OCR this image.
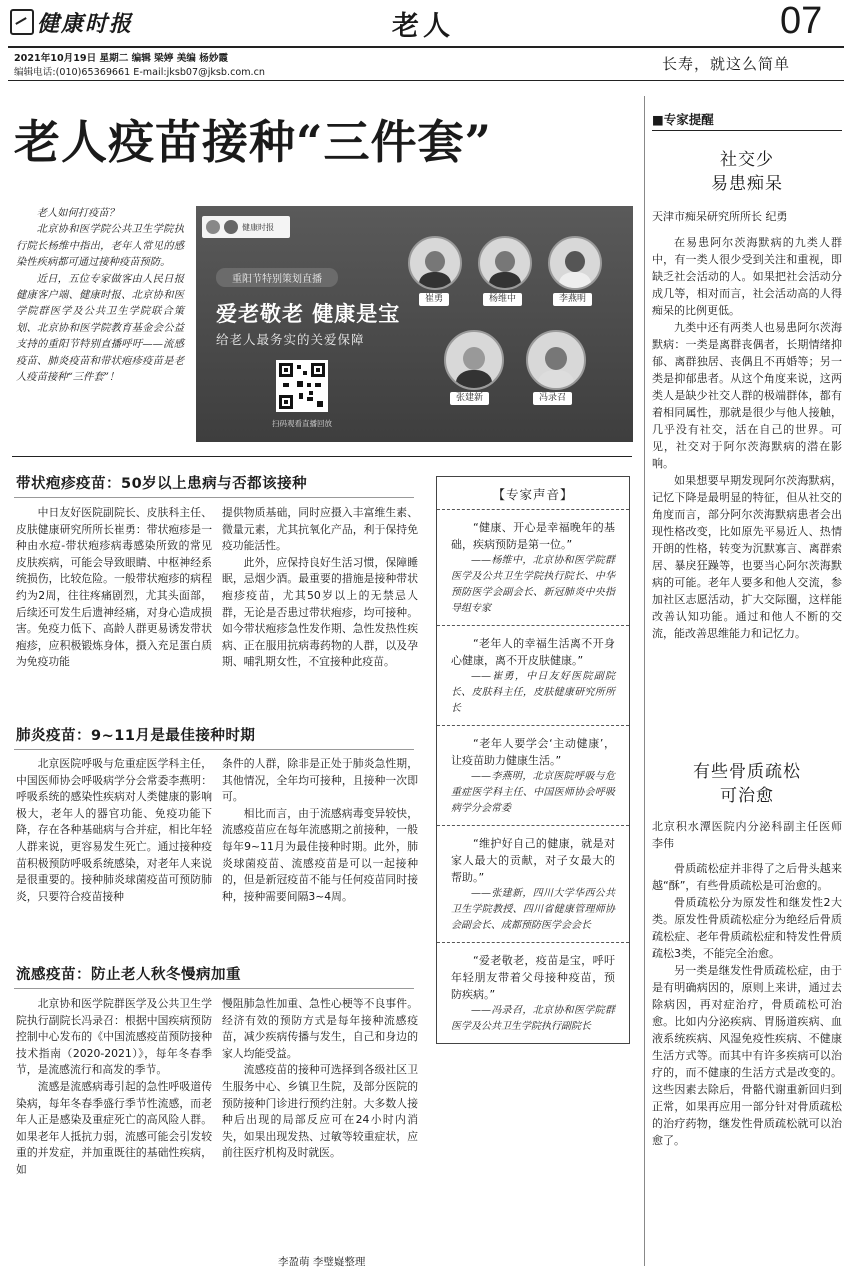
健康时报	老人	07
2021年10月19日 星期二 编辑 梁婷 美编 杨妙霞
编辑电话:(010)65369661 E-mail:jksb07@jksb.com.cn	长寿，就这么简单
老人疫苗接种“三件套”

老人如何打疫苗？

北京协和医学院公共卫生学院执行院长杨维中指出，老年人常见的感染性疾病都可通过接种疫苗预防。

近日，五位专家做客由人民日报健康客户端、健康时报、北京协和医学院群医学及公共卫生学院联合策划、北京协和医学院教育基金会公益支持的重阳节特别直播呼吁——流感疫苗、肺炎疫苗和带状疱疹疫苗是老人疫苗接种“三件套”！

健康时报
重阳节特别策划直播
爱老敬老 健康是宝
给老人最务实的关爱保障
扫码观看直播回放
崔勇	杨维中	李燕明
张建新	冯录召
带状疱疹疫苗：50岁以上患病与否都该接种

中日友好医院副院长、皮肤科主任、皮肤健康研究所所长崔勇：带状疱疹是一种由水痘-带状疱疹病毒感染所致的常见皮肤疾病，可能会导致眼睛、中枢神经系统损伤，比较危险。一般带状疱疹的病程约为2周，往往疼痛剧烈，尤其头面部，后续还可发生后遗神经痛，对身心造成损害。免疫力低下、高龄人群更易诱发带状疱疹，应积极锻炼身体，摄入充足蛋白质为免疫功能

提供物质基础，同时应摄入丰富维生素、微量元素，尤其抗氧化产品，利于保持免疫功能活性。

此外，应保持良好生活习惯，保障睡眠，忌烟少酒。最重要的措施是接种带状疱疹疫苗，尤其50岁以上的无禁忌人群，无论是否患过带状疱疹，均可接种。如今带状疱疹急性发作期、急性发热性疾病、正在服用抗病毒药物的人群，以及孕期、哺乳期女性，不宜接种此疫苗。

肺炎疫苗：9~11月是最佳接种时期

北京医院呼吸与危重症医学科主任，中国医师协会呼吸病学分会常委李燕明：呼吸系统的感染性疾病对人类健康的影响极大，老年人的器官功能、免疫功能下降，存在各种基础病与合并症，相比年轻人群来说，更容易发生死亡。通过接种疫苗积极预防呼吸系统感染，对老年人来说是很重要的。接种肺炎球菌疫苗可预防肺炎，只要符合疫苗接种

条件的人群，除非是正处于肺炎急性期，其他情况，全年均可接种，且接种一次即可。

相比而言，由于流感病毒变异较快，流感疫苗应在每年流感期之前接种，一般每年9~11月为最佳接种时期。此外，肺炎球菌疫苗、流感疫苗是可以一起接种的，但是新冠疫苗不能与任何疫苗同时接种，接种需要间隔3~4周。

流感疫苗：防止老人秋冬慢病加重

北京协和医学院群医学及公共卫生学院执行副院长冯录召：根据中国疾病预防控制中心发布的《中国流感疫苗预防接种技术指南（2020-2021）》，每年冬春季节，是流感流行和高发的季节。

流感是流感病毒引起的急性呼吸道传染病，每年冬春季盛行季节性流感，而老年人正是感染及重症死亡的高风险人群。如果老年人抵抗力弱，流感可能会引发较重的并发症，并加重既往的基础性疾病，如

慢阻肺急性加重、急性心梗等不良事件。经济有效的预防方式是每年接种流感疫苗，减少疾病传播与发生，自己和身边的家人均能受益。

流感疫苗的接种可选择到各级社区卫生服务中心、乡镇卫生院，及部分医院的预防接种门诊进行预约注射。大多数人接种后出现的局部反应可在24小时内消失，如果出现发热、过敏等较重症状，应前往医疗机构及时就医。

李盈萌 李璧嶷整理
【专家声音】

“健康、开心是幸福晚年的基础，疾病预防是第一位。”

——杨维中，北京协和医学院群医学及公共卫生学院执行院长、中华预防医学会副会长、新冠肺炎中央指导组专家

“老年人的幸福生活离不开身心健康，离不开皮肤健康。”

——崔勇，中日友好医院副院长、皮肤科主任，皮肤健康研究所所长

“老年人要学会‘主动健康’，让疫苗助力健康生活。”

——李燕明，北京医院呼吸与危重症医学科主任、中国医师协会呼吸病学分会常委

“维护好自己的健康，就是对家人最大的贡献，对子女最大的帮助。”

——张建新，四川大学华西公共卫生学院教授、四川省健康管理师协会副会长、成都预防医学会会长

“爱老敬老，疫苗是宝，呼吁年轻朋友带着父母接种疫苗，预防疾病。”

——冯录召，北京协和医学院群医学及公共卫生学院执行副院长

■专家提醒
社交少
易患痴呆
天津市痴呆研究所所长 纪勇

在易患阿尔茨海默病的九类人群中，有一类人很少受到关注和重视，即缺乏社会活动的人。如果把社会活动分成几等，相对而言，社会活动高的人得痴呆的比例更低。

九类中还有两类人也易患阿尔茨海默病：一类是离群丧偶者，长期情绪抑郁、离群独居、丧偶且不再婚等；另一类是抑郁患者。从这个角度来说，这两类人是缺少社交人群的极端群体，都有着相同属性，那就是很少与他人接触，几乎没有社交，活在自己的世界。可见，社交对于阿尔茨海默病的潜在影响。

如果想要早期发现阿尔茨海默病，记忆下降是最明显的特征，但从社交的角度而言，部分阿尔茨海默病患者会出现性格改变，比如原先平易近人、热情开朗的性格，转变为沉默寡言、离群索居、暴戾狂躁等，也要当心阿尔茨海默病的可能。老年人要多和他人交流，参加社区志愿活动，扩大交际圈，这样能改善认知功能。通过和他人不断的交流，能改善思维能力和记忆力。

有些骨质疏松
可治愈
北京积水潭医院内分泌科副主任医师 李伟

骨质疏松症并非得了之后骨头越来越“酥”，有些骨质疏松是可治愈的。

骨质疏松分为原发性和继发性2大类。原发性骨质疏松症分为绝经后骨质疏松症、老年骨质疏松症和特发性骨质疏松3类，不能完全治愈。

另一类是继发性骨质疏松症，由于是有明确病因的，原则上来讲，通过去除病因，再对症治疗，骨质疏松可治愈。比如内分泌疾病、胃肠道疾病、血液系统疾病、风湿免疫性疾病、不健康生活方式等。而其中有许多疾病可以治疗的，而不健康的生活方式是改变的。这些因素去除后，骨骼代谢重新回归到正常，如果再应用一部分针对骨质疏松的治疗药物，继发性骨质疏松就可以治愈了。
